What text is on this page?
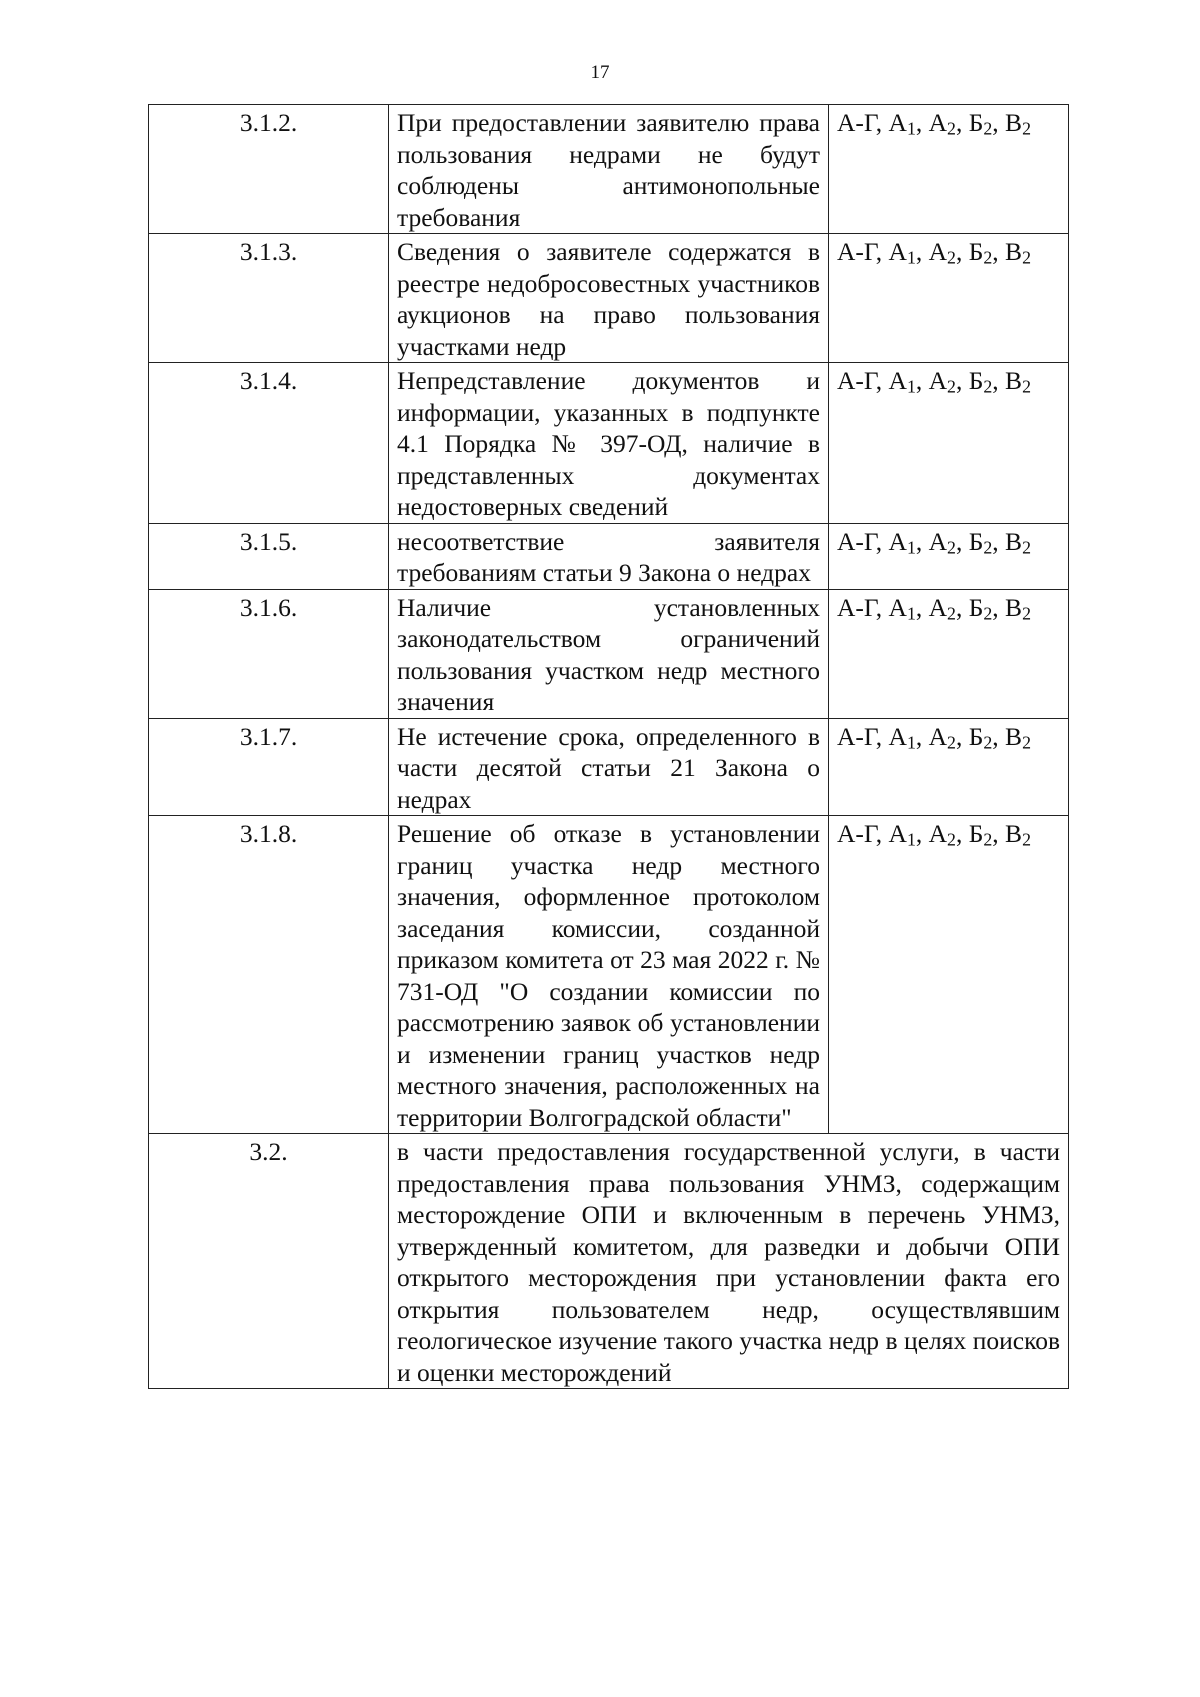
17
3.1.2.	При предоставлении заявителю права пользования недрами не будут соблюдены антимонопольные требования	А-Г, $А_1$, $А_2$, $Б_2$, $В_2$
3.1.3.	Сведения о заявителе содержатся в реестре недобросовестных участников аукционов на право пользования участками недр	А-Г, $А_1$, $А_2$, $Б_2$, $В_2$
3.1.4.	Непредставление документов и информации, указанных в подпункте 4.1 Порядка № 397-ОД, наличие в представленных документах недостоверных сведений	А-Г, $А_1$, $А_2$, $Б_2$, $В_2$
3.1.5.	несоответствие заявителя требованиям статьи 9 Закона о недрах	А-Г, $А_1$, $А_2$, $Б_2$, $В_2$
3.1.6.	Наличие установленных законодательством ограничений пользования участком недр местного значения	А-Г, $А_1$, $А_2$, $Б_2$, $В_2$
3.1.7.	Не истечение срока, определенного в части десятой статьи 21 Закона о недрах	А-Г, $А_1$, $А_2$, $Б_2$, $В_2$
3.1.8.	Решение об отказе в установлении границ участка недр местного значения, оформленное протоколом заседания комиссии, созданной приказом комитета от 23 мая 2022 г. № 731-ОД "О создании комиссии по рассмотрению заявок об установлении и изменении границ участков недр местного значения, расположенных на территории Волгоградской области"	А-Г, $А_1$, $А_2$, $Б_2$, $В_2$
3.2.	в части предоставления государственной услуги, в части предоставления права пользования УНМЗ, содержащим месторождение ОПИ и включенным в перечень УНМЗ, утвержденный комитетом, для разведки и добычи ОПИ открытого месторождения при установлении факта его открытия пользователем недр, осуществлявшим геологическое изучение такого участка недр в целях поисков и оценки месторождений	
